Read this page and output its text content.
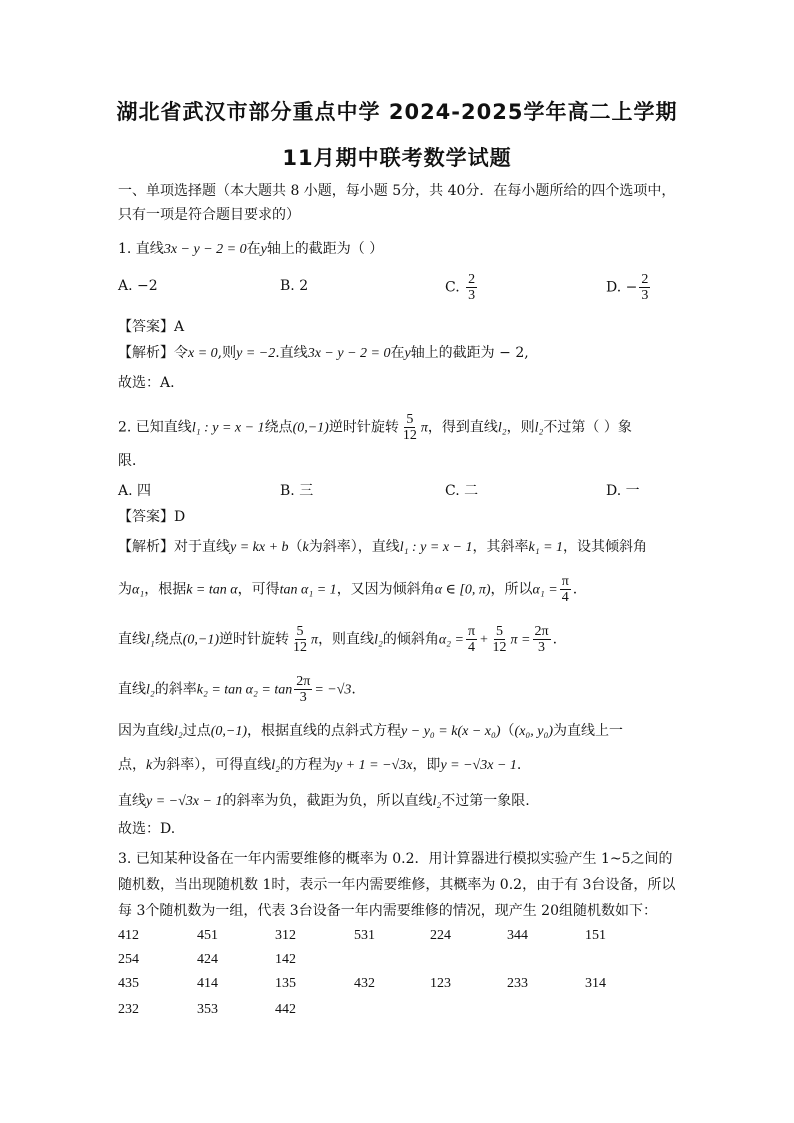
湖北省武汉市部分重点中学 2024-2025学年高二上学期
11月期中联考数学试题
一、单项选择题（本大题共 8 小题，每小题 5分，共 40分．在每小题所给的四个选项中，
只有一项是符合题目要求的）
1. 直线3x − y − 2 = 0在y轴上的截距为（ ）
A. −2	B. 2	C. $\frac{2}{3}$	D. − $\frac{2}{3}$
【答案】A
【解析】令x = 0,则y = −2.直线3x − y − 2 = 0在y轴上的截距为 − 2,
故选：A.
2. 已知直线l₁ : y = x − 1绕点(0,−1)逆时针旋转 $\frac{5}{12}$ π，得到直线l₂，则l₂不过第（ ）象
限．
A. 四	B. 三	C. 二	D. 一
【答案】D
【解析】对于直线y = kx + b（k为斜率），直线l₁ : y = x − 1，其斜率k₁ = 1，设其倾斜角
为α₁，根据k = tan α，可得tan α₁ = 1，又因为倾斜角α ∈ [0, π)，所以$\alpha_1 = \frac{\pi}{4}$ .
直线l₁绕点(0,−1)逆时针旋转 $\frac{5}{12}$ π，则直线l₂的倾斜角$\alpha_2 = \frac{\pi}{4} + \frac{5}{12}$ $\pi = \frac{2\pi}{3}$ .
直线l₂的斜率$k_2 = \tan \alpha_2 = \tan \frac{2\pi}{3} = -√3$.
因为直线l₂过点(0,−1)，根据直线的点斜式方程y − y₀ = k(x − x₀)（(x₀, y₀)为直线上一
点，k为斜率），可得直线l₂的方程为y + 1 = −√3x，即y = −√3x − 1.
直线y = −√3x − 1的斜率为负，截距为负，所以直线l₂不过第一象限.
故选：D.
3. 已知某种设备在一年内需要维修的概率为 0.2．用计算器进行模拟实验产生 1~5之间的
随机数，当出现随机数 1时，表示一年内需要维修，其概率为 0.2，由于有 3台设备，所以
每 3个随机数为一组，代表 3台设备一年内需要维修的情况，现产生 20组随机数如下：
412	451	312	531	224	344	151
254	424	142
435	414	135	432	123	233	314
232	353	442
